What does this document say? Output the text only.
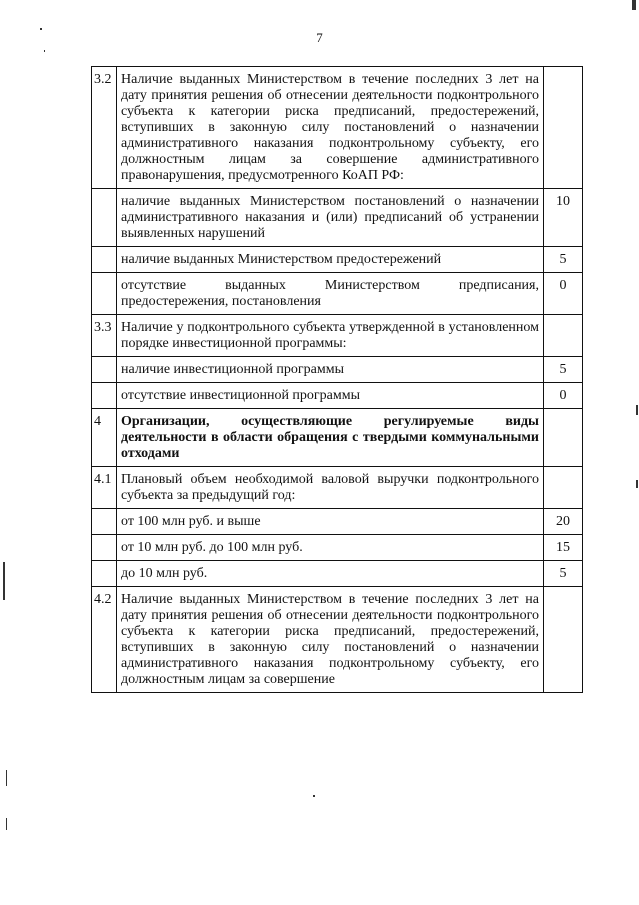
7
3.2	Наличие выданных Министерством в течение последних 3 лет на дату принятия решения об отнесении деятельности подконтрольного субъекта к категории риска предписаний, предостережений, вступивших в законную силу постановлений о назначении административного наказания подконтрольному субъекту, его должностным лицам за совершение административного правонарушения, предусмотренного КоАП РФ:	
	наличие выданных Министерством постановлений о назначении административного наказания и (или) предписаний об устранении выявленных нарушений	10
	наличие выданных Министерством предостережений	5
	отсутствие выданных Министерством предписания, предостережения, постановления	0
3.3	Наличие у подконтрольного субъекта утвержденной в установленном порядке инвестиционной программы:	
	наличие инвестиционной программы	5
	отсутствие инвестиционной программы	0
4	Организации, осуществляющие регулируемые виды деятельности в области обращения с твердыми коммунальными отходами	
4.1	Плановый объем необходимой валовой выручки подконтрольного субъекта за предыдущий год:	
	от 100 млн руб. и выше	20
	от 10 млн руб. до 100 млн руб.	15
	до 10 млн руб.	5
4.2	Наличие выданных Министерством в течение последних 3 лет на дату принятия решения об отнесении деятельности подконтрольного субъекта к категории риска предписаний, предостережений, вступивших в законную силу постановлений о назначении административного наказания подконтрольному субъекту, его должностным лицам за совершение	
